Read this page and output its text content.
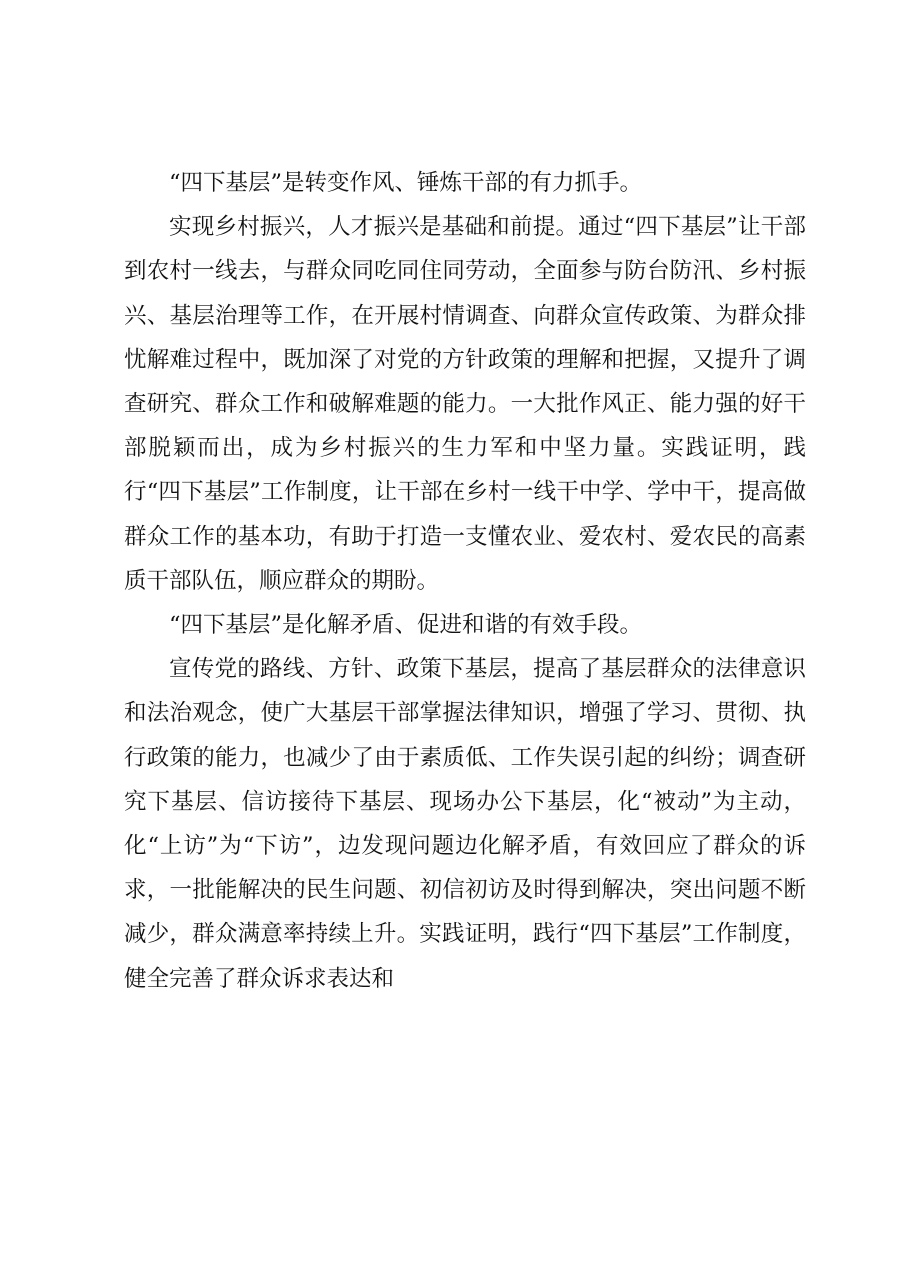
“四下基层”是转变作风、锤炼干部的有力抓手。

实现乡村振兴，人才振兴是基础和前提。通过“四下基层”让干部到农村一线去，与群众同吃同住同劳动，全面参与防台防汛、乡村振兴、基层治理等工作，在开展村情调查、向群众宣传政策、为群众排忧解难过程中，既加深了对党的方针政策的理解和把握，又提升了调查研究、群众工作和破解难题的能力。一大批作风正、能力强的好干部脱颖而出，成为乡村振兴的生力军和中坚力量。实践证明，践行“四下基层”工作制度，让干部在乡村一线干中学、学中干，提高做群众工作的基本功，有助于打造一支懂农业、爱农村、爱农民的高素质干部队伍，顺应群众的期盼。

“四下基层”是化解矛盾、促进和谐的有效手段。

宣传党的路线、方针、政策下基层，提高了基层群众的法律意识和法治观念，使广大基层干部掌握法律知识，增强了学习、贯彻、执行政策的能力，也减少了由于素质低、工作失误引起的纠纷；调查研究下基层、信访接待下基层、现场办公下基层，化“被动”为主动，化“上访”为“下访”，边发现问题边化解矛盾，有效回应了群众的诉求，一批能解决的民生问题、初信初访及时得到解决，突出问题不断减少，群众满意率持续上升。实践证明，践行“四下基层”工作制度，健全完善了群众诉求表达和
